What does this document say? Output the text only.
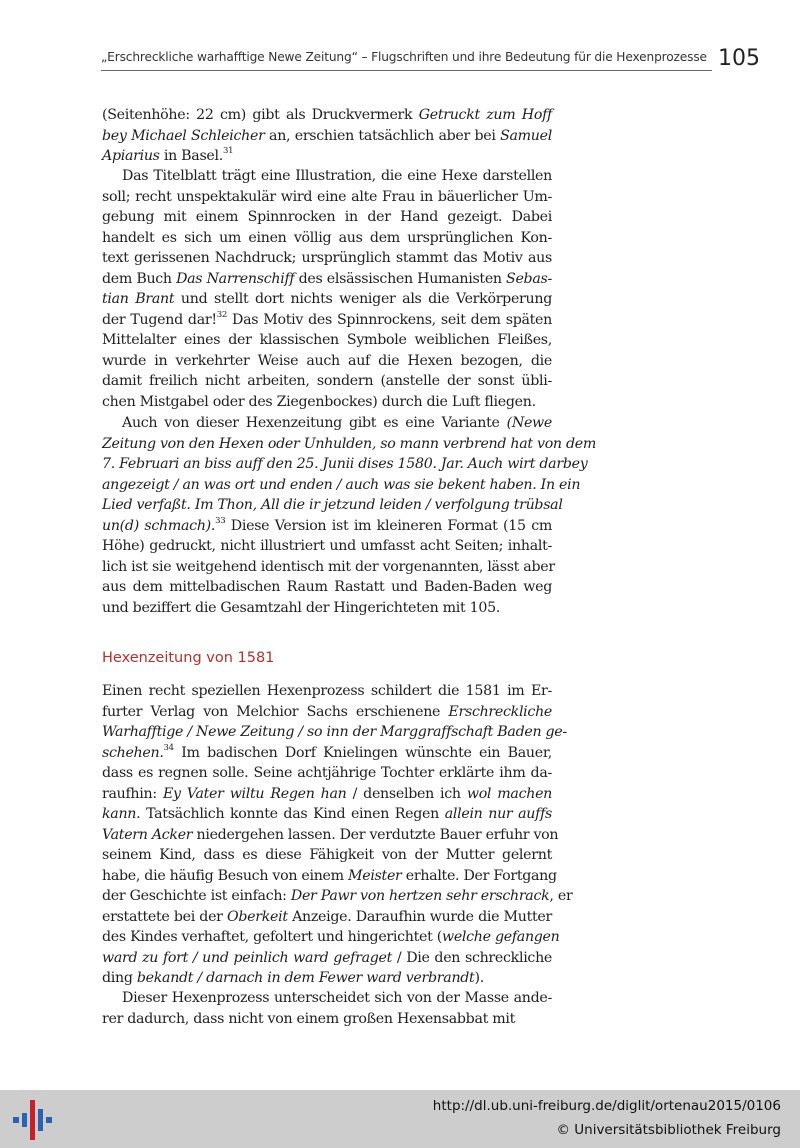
„Erschreckliche warhafftige Newe Zeitung“ – Flugschriften und ihre Bedeutung für die Hexenprozesse 105
(Seitenhöhe: 22 cm) gibt als Druckvermerk Getruckt zum Hoff
bey Michael Schleicher an, erschien tatsächlich aber bei Samuel
Apiarius in Basel.$^{31}$
Das Titelblatt trägt eine Illustration, die eine Hexe darstellen
soll; recht unspektakulär wird eine alte Frau in bäuerlicher Um-
gebung mit einem Spinnrocken in der Hand gezeigt. Dabei
handelt es sich um einen völlig aus dem ursprünglichen Kon-
text gerissenen Nachdruck; ursprünglich stammt das Motiv aus
dem Buch Das Narrenschiff des elsässischen Humanisten Sebas-
tian Brant und stellt dort nichts weniger als die Verkörperung
der Tugend dar!$^{32}$ Das Motiv des Spinnrockens, seit dem späten
Mittelalter eines der klassischen Symbole weiblichen Fleißes,
wurde in verkehrter Weise auch auf die Hexen bezogen, die
damit freilich nicht arbeiten, sondern (anstelle der sonst übli-
chen Mistgabel oder des Ziegenbockes) durch die Luft fliegen.
Auch von dieser Hexenzeitung gibt es eine Variante (Newe
Zeitung von den Hexen oder Unhulden, so mann verbrend hat von dem
7. Februari an biss auff den 25. Junii dises 1580. Jar. Auch wirt darbey
angezeigt / an was ort und enden / auch was sie bekent haben. In ein
Lied verfaßt. Im Thon, All die ir jetzund leiden / verfolgung trübsal
un(d) schmach).$^{33}$ Diese Version ist im kleineren Format (15 cm
Höhe) gedruckt, nicht illustriert und umfasst acht Seiten; inhalt-
lich ist sie weitgehend identisch mit der vorgenannten, lässt aber
aus dem mittelbadischen Raum Rastatt und Baden-Baden weg
und beziffert die Gesamtzahl der Hingerichteten mit 105.
Einen recht speziellen Hexenprozess schildert die 1581 im Er-
furter Verlag von Melchior Sachs erschienene Erschreckliche
Warhafftige / Newe Zeitung / so inn der Marggraffschaft Baden ge-
schehen.$^{34}$ Im badischen Dorf Knielingen wünschte ein Bauer,
dass es regnen solle. Seine achtjährige Tochter erklärte ihm da-
raufhin: Ey Vater wiltu Regen han / denselben ich wol machen
kann. Tatsächlich konnte das Kind einen Regen allein nur auffs
Vatern Acker niedergehen lassen. Der verdutzte Bauer erfuhr von
seinem Kind, dass es diese Fähigkeit von der Mutter gelernt
habe, die häufig Besuch von einem Meister erhalte. Der Fortgang
der Geschichte ist einfach: Der Pawr von hertzen sehr erschrack, er
erstattete bei der Oberkeit Anzeige. Daraufhin wurde die Mutter
des Kindes verhaftet, gefoltert und hingerichtet (welche gefangen
ward zu fort / und peinlich ward gefraget / Die den schreckliche
ding bekandt / darnach in dem Fewer ward verbrandt).
Dieser Hexenprozess unterscheidet sich von der Masse ande-
rer dadurch, dass nicht von einem großen Hexensabbat mit
Hexenzeitung von 1581
http://dl.ub.uni-freiburg.de/diglit/ortenau2015/0106
© Universitätsbibliothek Freiburg
